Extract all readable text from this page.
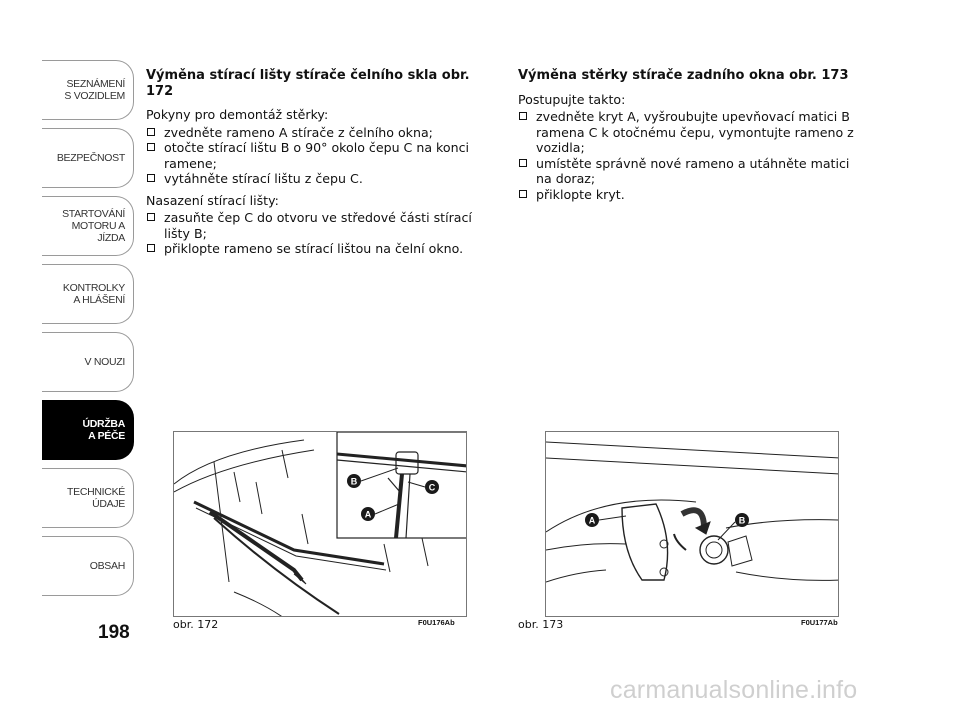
SEZNÁMENÍ
S VOZIDLEM
BEZPEČNOST
STARTOVÁNÍ
MOTORU A JÍZDA
KONTROLKY
A HLÁŠENÍ
V NOUZI
ÚDRŽBA
A PÉČE
TECHNICKÉ
ÚDAJE
OBSAH
198
Výměna stírací lišty stírače čelního skla obr. 172
Pokyny pro demontáž stěrky:
zvedněte rameno A stírače z čelního okna;
otočte stírací lištu B o 90° okolo čepu C na konci ramene;
vytáhněte stírací lištu z čepu C.
Nasazení stírací lišty:
zasuňte čep C do otvoru ve středové části stírací lišty B;
přiklopte rameno se stírací lištou na čelní okno.
Výměna stěrky stírače zadního okna obr. 173
Postupujte takto:
zvedněte kryt A, vyšroubujte upevňovací matici B ramena C k otočnému čepu, vymontujte rameno z vozidla;
umístěte správně nové rameno a utáhněte matici na doraz;
přiklopte kryt.
B
C
A
obr. 172	F0U176Ab
A	B
obr. 173	F0U177Ab
carmanualsonline.info
